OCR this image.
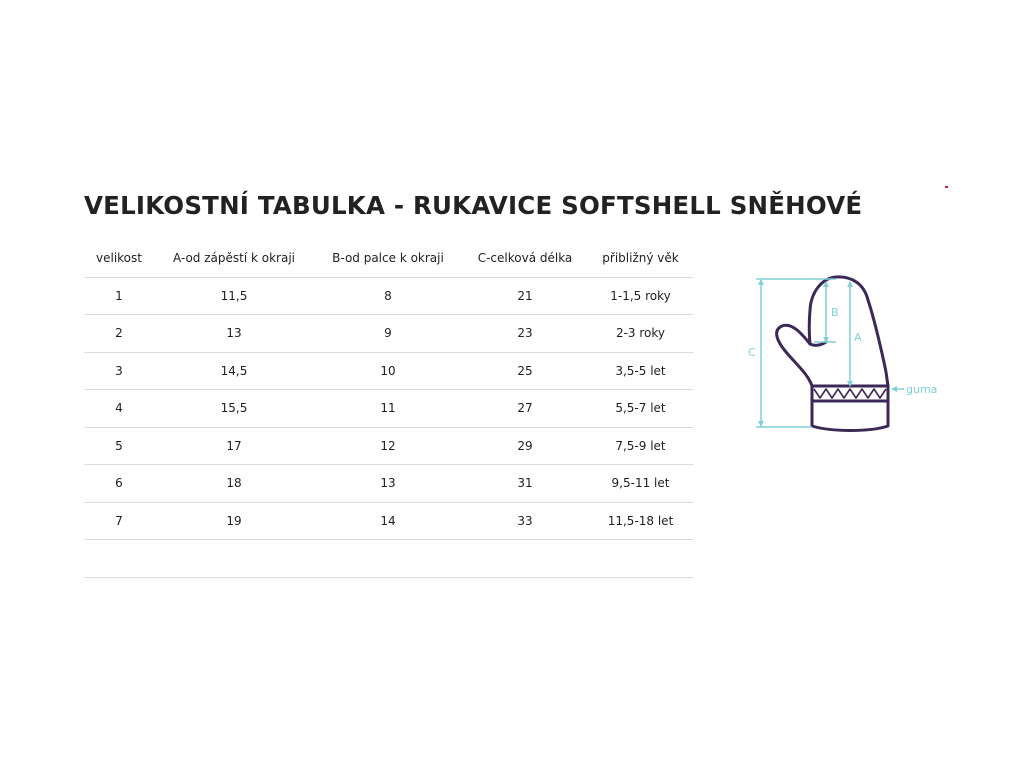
VELIKOSTNÍ TABULKA - RUKAVICE SOFTSHELL SNĚHOVÉ
velikost	A-od zápěstí k okraji	B-od palce k okraji	C-celková délka	přibližný věk
1	11,5	8	21	1-1,5 roky
2	13	9	23	2-3 roky
3	14,5	10	25	3,5-5 let
4	15,5	11	27	5,5-7 let
5	17	12	29	7,5-9 let
6	18	13	31	9,5-11 let
7	19	14	33	11,5-18 let

C
B
A
guma
